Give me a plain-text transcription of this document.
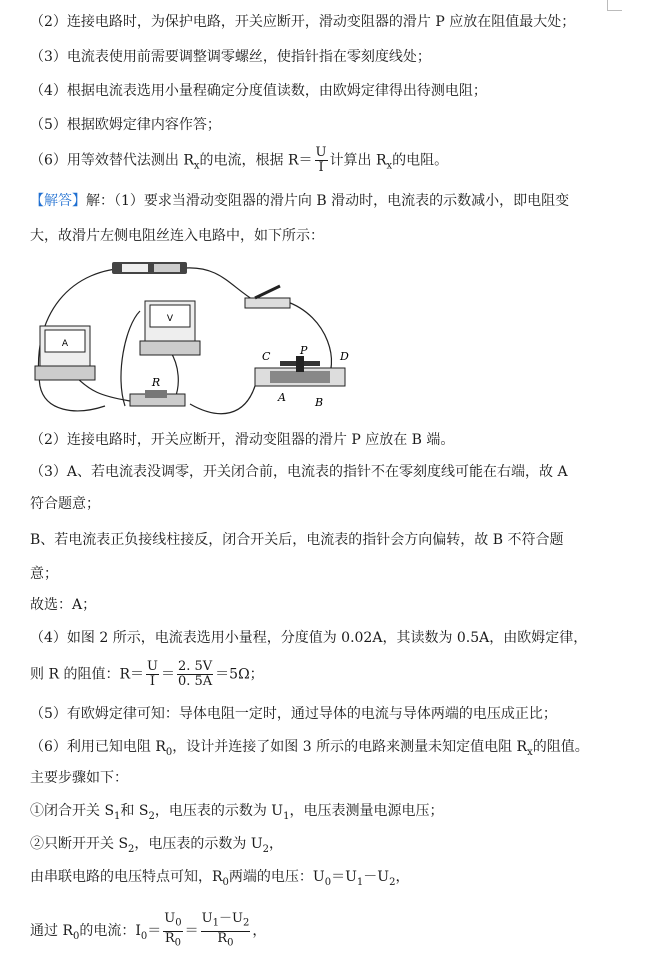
（2）连接电路时，为保护电路，开关应断开，滑动变阻器的滑片 P 应放在阻值最大处；
（3）电流表使用前需要调整调零螺丝，使指针指在零刻度线处；
（4）根据电流表选用小量程确定分度值读数，由欧姆定律得出待测电阻；
（5）根据欧姆定律内容作答；
（6）用等效替代法测出 $R_x$的电流，根据 $R= \frac{U}{I}$ 计算出 $R_x$的电阻。
【解答】解：（1）要求当滑动变阻器的滑片向 B 滑动时，电流表的示数减小，即电阻变
大，故滑片左侧电阻丝连入电路中，如下所示：
A
V
R
C	P	D
A	B
（2）连接电路时，开关应断开，滑动变阻器的滑片 P 应放在 B 端。
（3）A、若电流表没调零，开关闭合前，电流表的指针不在零刻度线可能在右端，故 A
符合题意；
B、若电流表正负接线柱接反，闭合开关后，电流表的指针会方向偏转，故 B 不符合题
意；
故选：A；
（4）如图 2 所示，电流表选用小量程，分度值为 0.02A，其读数为 0.5A，由欧姆定律，
则 R 的阻值：$R= \frac{U}{I} = \frac{2. 5V}{0. 5A} =5\Omega$；
（5）有欧姆定律可知：导体电阻一定时，通过导体的电流与导体两端的电压成正比；
（6）利用已知电阻 $R_0$，设计并连接了如图 3 所示的电路来测量未知定值电阻 $R_x$的阻值。
主要步骤如下：
①闭合开关 $S_1$和 $S_2$，电压表的示数为 $U_1$，电压表测量电源电压；
②只断开开关 $S_2$，电压表的示数为 $U_2$，
由串联电路的电压特点可知，$R_0$两端的电压：$U_0=U_1-U_2$，
通过 $R_0$的电流：$I_0= \frac{U_0}{R_0} = \frac{U_1-U_2}{R_0}$ ，
